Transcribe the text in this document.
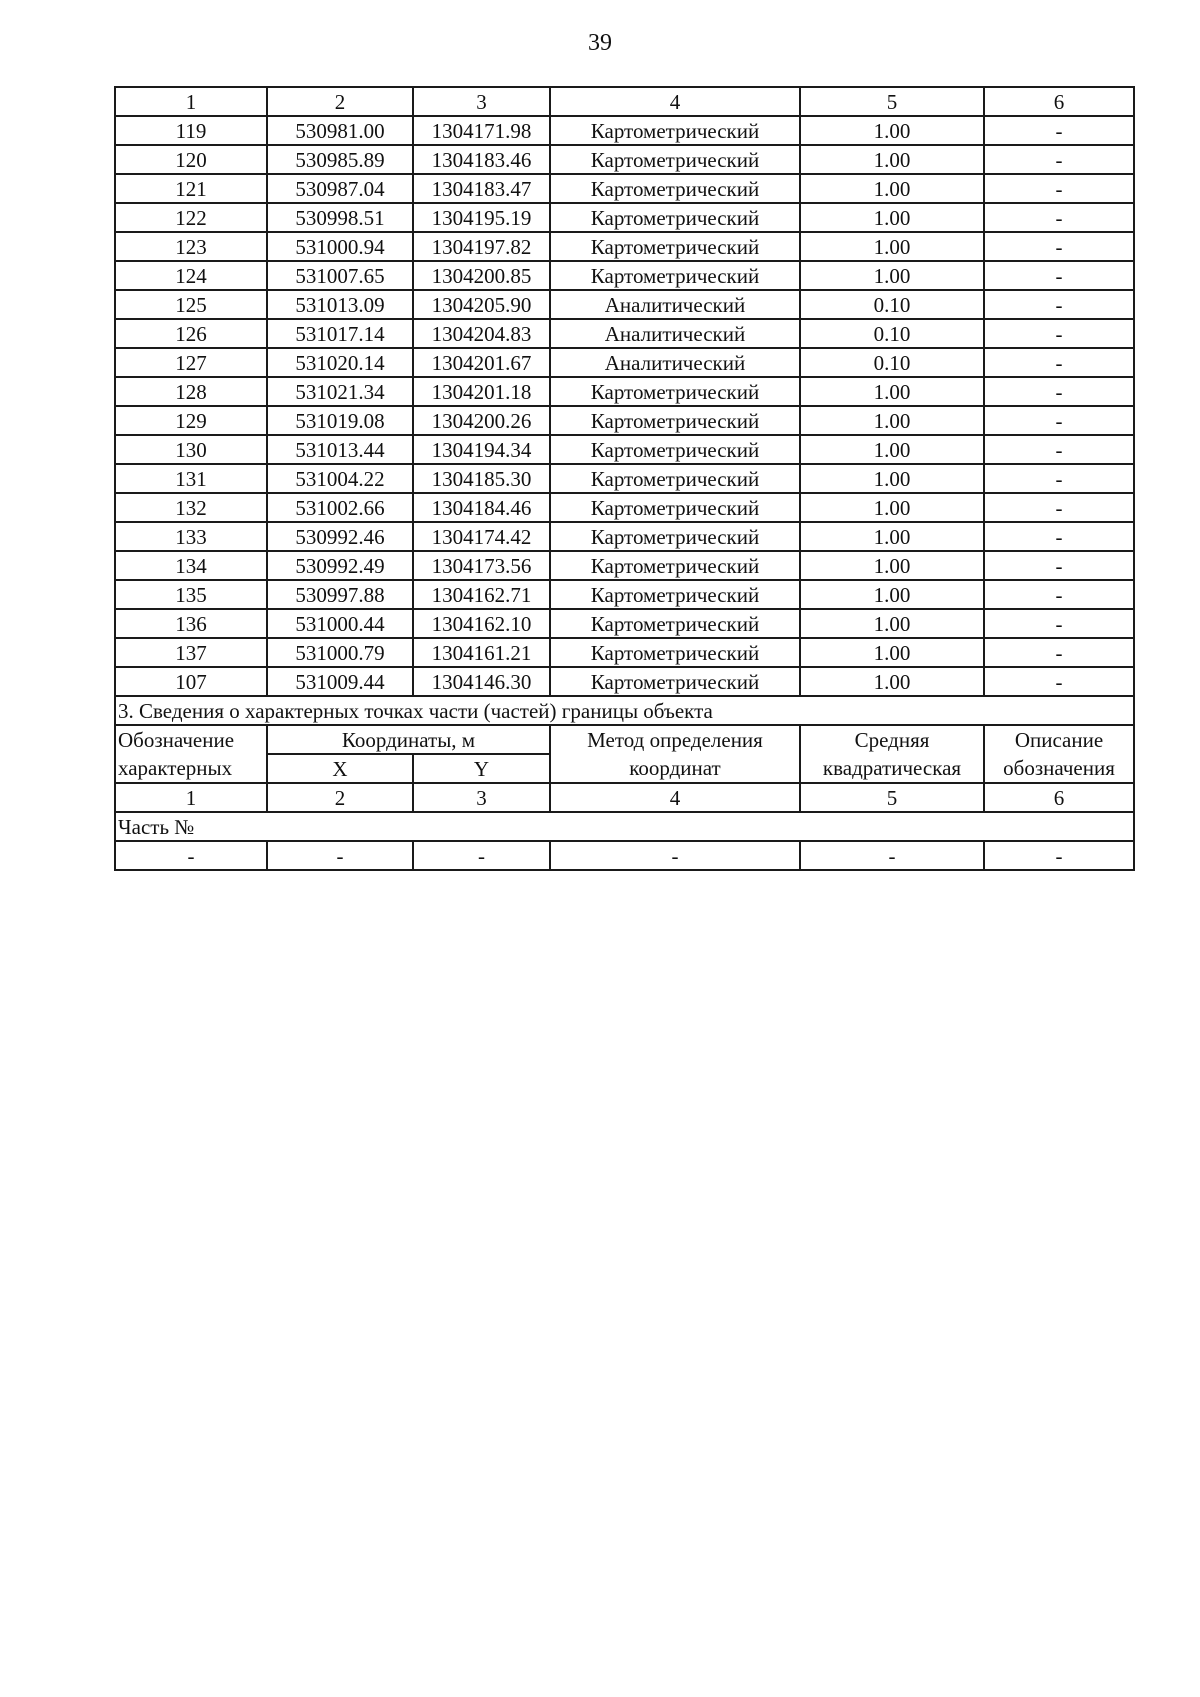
39
1	2	3	4	5	6
119	530981.00	1304171.98	Картометрический	1.00	-
120	530985.89	1304183.46	Картометрический	1.00	-
121	530987.04	1304183.47	Картометрический	1.00	-
122	530998.51	1304195.19	Картометрический	1.00	-
123	531000.94	1304197.82	Картометрический	1.00	-
124	531007.65	1304200.85	Картометрический	1.00	-
125	531013.09	1304205.90	Аналитический	0.10	-
126	531017.14	1304204.83	Аналитический	0.10	-
127	531020.14	1304201.67	Аналитический	0.10	-
128	531021.34	1304201.18	Картометрический	1.00	-
129	531019.08	1304200.26	Картометрический	1.00	-
130	531013.44	1304194.34	Картометрический	1.00	-
131	531004.22	1304185.30	Картометрический	1.00	-
132	531002.66	1304184.46	Картометрический	1.00	-
133	530992.46	1304174.42	Картометрический	1.00	-
134	530992.49	1304173.56	Картометрический	1.00	-
135	530997.88	1304162.71	Картометрический	1.00	-
136	531000.44	1304162.10	Картометрический	1.00	-
137	531000.79	1304161.21	Картометрический	1.00	-
107	531009.44	1304146.30	Картометрический	1.00	-
3. Сведения о характерных точках части (частей) границы объекта					
Обозначение	Координаты, м		Метод определения	Средняя	Описание
характерных	X	Y	координат	квадратическая	обозначения
1	2	3	4	5	6
Часть №					
-	-	-	-	-	-
